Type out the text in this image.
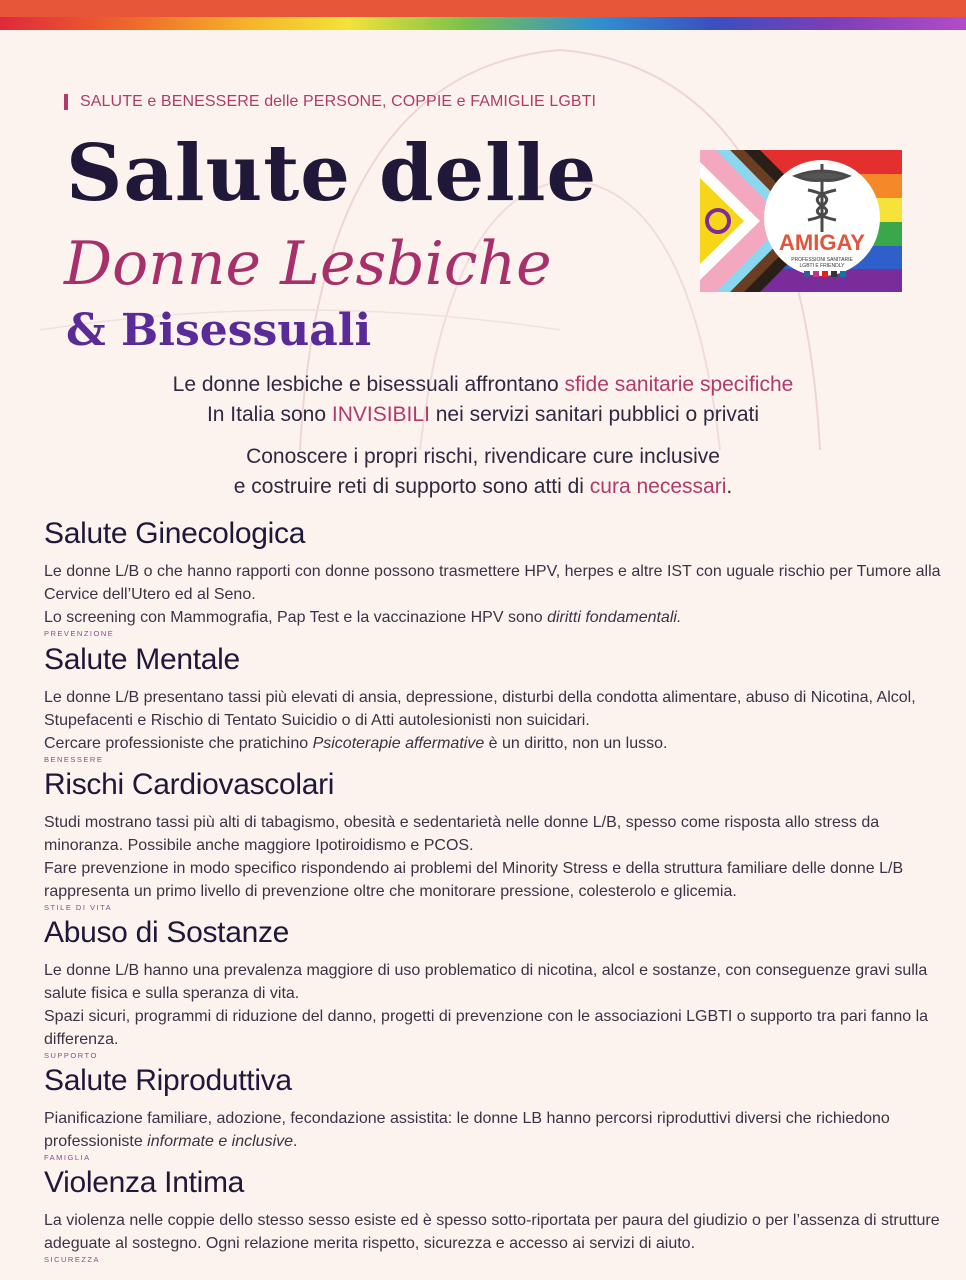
SALUTE e BENESSERE delle PERSONE, COPPIE e FAMIGLIE LGBTI
Salute delle
Donne Lesbiche
& Bisessuali
AMIGAY
PROFESSIONI SANITARIE
LGBTI E FRIENDLY
Le donne lesbiche e bisessuali affrontano sfide sanitarie specifiche
In Italia sono INVISIBILI nei servizi sanitari pubblici o privati
Conoscere i propri rischi, rivendicare cure inclusive
e costruire reti di supporto sono atti di cura necessari.
Salute Ginecologica
Le donne L/B o che hanno rapporti con donne possono trasmettere HPV, herpes e altre IST con uguale rischio per Tumore alla Cervice dell’Utero ed al Seno.
Lo screening con Mammografia, Pap Test e la vaccinazione HPV sono diritti fondamentali.
PREVENZIONE
Salute Mentale
Le donne L/B presentano tassi più elevati di ansia, depressione, disturbi della condotta alimentare, abuso di Nicotina, Alcol, Stupefacenti e Rischio di Tentato Suicidio o di Atti autolesionisti non suicidari.
Cercare professioniste che pratichino Psicoterapie affermative è un diritto, non un lusso.
BENESSERE
Rischi Cardiovascolari
Studi mostrano tassi più alti di tabagismo, obesità e sedentarietà nelle donne L/B, spesso come risposta allo stress da minoranza. Possibile anche maggiore Ipotiroidismo e PCOS.
Fare prevenzione in modo specifico rispondendo ai problemi del Minority Stress e della struttura familiare delle donne L/B rappresenta un primo livello di prevenzione oltre che monitorare pressione, colesterolo e glicemia.
STILE DI VITA
Abuso di Sostanze
Le donne L/B hanno una prevalenza maggiore di uso problematico di nicotina, alcol e sostanze, con conseguenze gravi sulla salute fisica e sulla speranza di vita.
Spazi sicuri, programmi di riduzione del danno, progetti di prevenzione con le associazioni LGBTI o supporto tra pari fanno la differenza.
SUPPORTO
Salute Riproduttiva
Pianificazione familiare, adozione, fecondazione assistita: le donne LB hanno percorsi riproduttivi diversi che richiedono professioniste informate e inclusive.
FAMIGLIA
Violenza Intima
La violenza nelle coppie dello stesso sesso esiste ed è spesso sotto-riportata per paura del giudizio o per l’assenza di strutture adeguate al sostegno. Ogni relazione merita rispetto, sicurezza e accesso ai servizi di aiuto.
SICUREZZA
